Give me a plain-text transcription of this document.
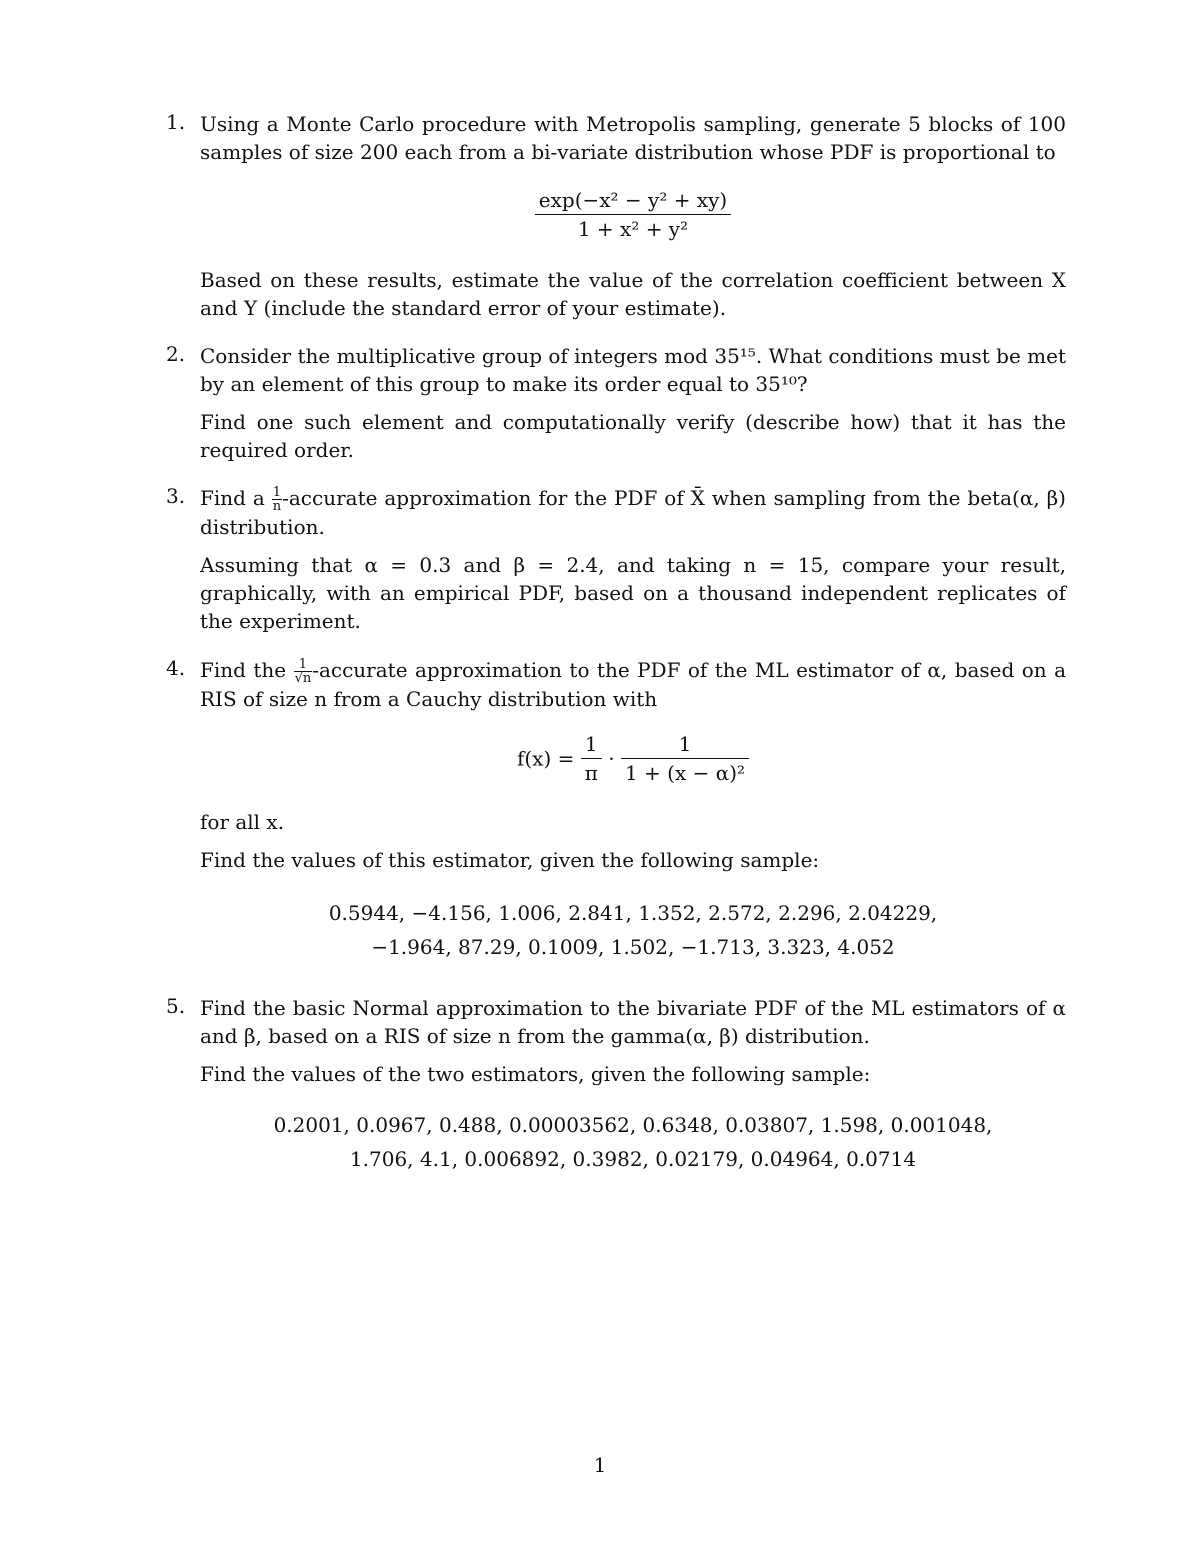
1. Using a Monte Carlo procedure with Metropolis sampling, generate 5 blocks of 100 samples of size 200 each from a bi-variate distribution whose PDF is proportional to

$\frac{\text{exp(−x² − y² + xy)}}{\text{1 + x² + y²}}$

Based on these results, estimate the value of the correlation coefficient between X and Y (include the standard error of your estimate).

2. Consider the multiplicative group of integers mod 35¹⁵. What conditions must be met by an element of this group to make its order equal to 35¹⁰?

Find one such element and computationally verify (describe how) that it has the required order.

3. Find a $\frac{1}{n}$ -accurate approximation for the PDF of X̄ when sampling from the beta(α, β) distribution.

Assuming that α = 0.3 and β = 2.4, and taking n = 15, compare your result, graphically, with an empirical PDF, based on a thousand independent replicates of the experiment.

4. Find the $\frac{1}{√n}$ -accurate approximation to the PDF of the ML estimator of α, based on a RIS of size n from a Cauchy distribution with

$f(x) = \frac{1}{\pi} \cdot \frac{1}{\text{1 + (x − α)²}}$

for all x.

Find the values of this estimator, given the following sample:

0.5944, −4.156, 1.006, 2.841, 1.352, 2.572, 2.296, 2.04229,
−1.964, 87.29, 0.1009, 1.502, −1.713, 3.323, 4.052
5. Find the basic Normal approximation to the bivariate PDF of the ML estimators of α and β, based on a RIS of size n from the gamma(α, β) distribution.

Find the values of the two estimators, given the following sample:

0.2001, 0.0967, 0.488, 0.00003562, 0.6348, 0.03807, 1.598, 0.001048,
1.706, 4.1, 0.006892, 0.3982, 0.02179, 0.04964, 0.0714
1
